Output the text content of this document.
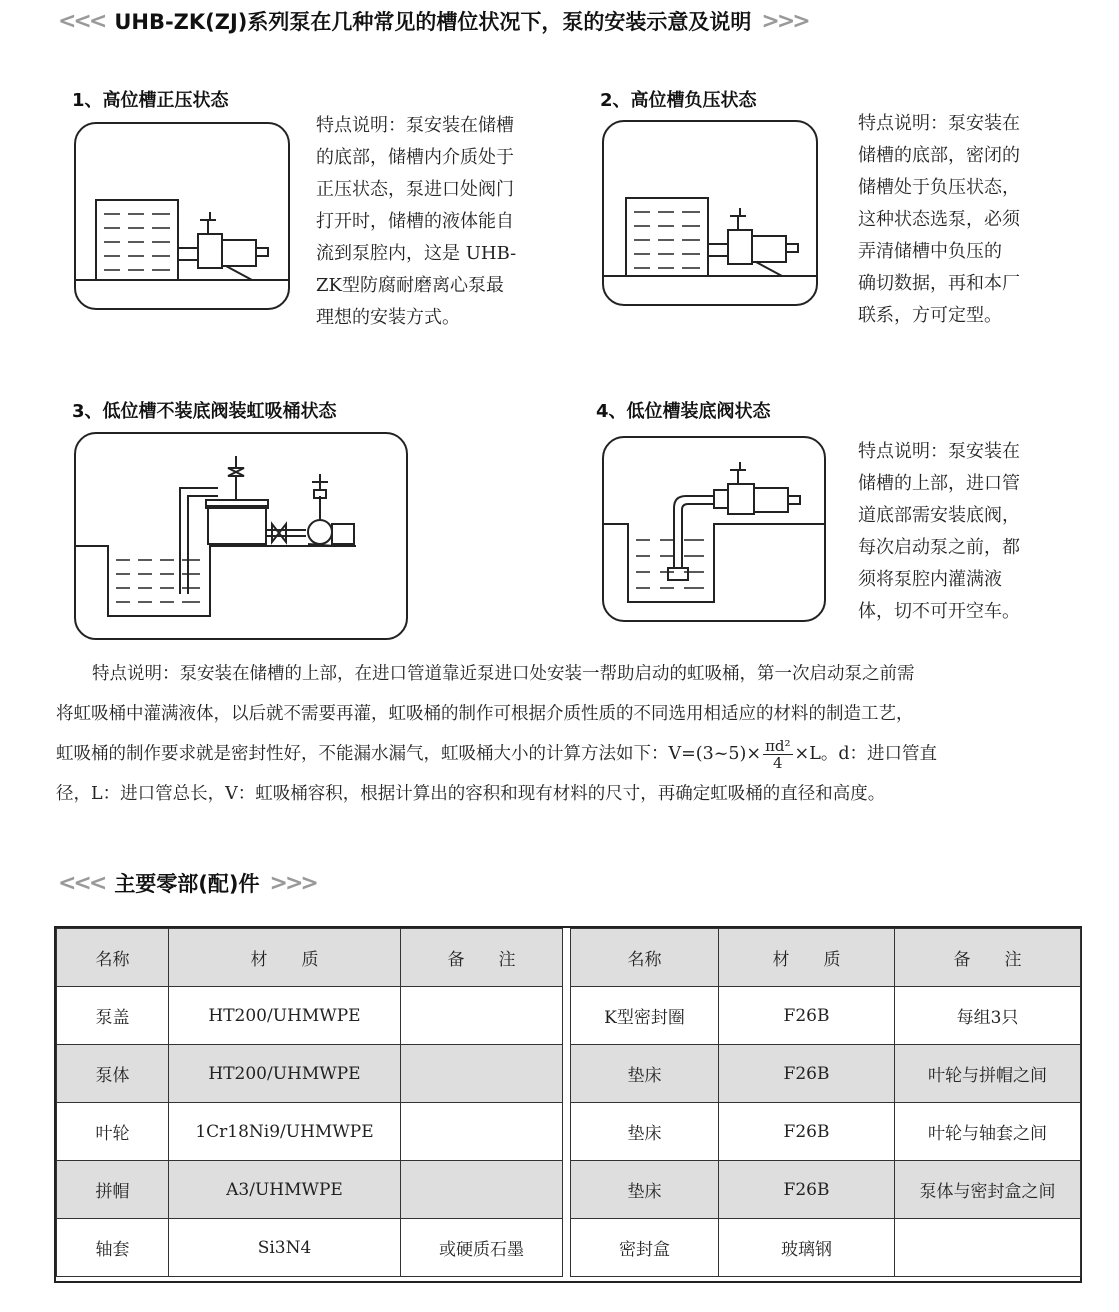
<<< UHB-ZK(ZJ)系列泵在几种常见的槽位状况下，泵的安装示意及说明 >>>
1、高位槽正压状态
特点说明：泵安装在储槽
的底部，储槽内介质处于
正压状态，泵进口处阀门
打开时，储槽的液体能自
流到泵腔内，这是 UHB-
ZK型防腐耐磨离心泵最
理想的安装方式。
2、高位槽负压状态
特点说明：泵安装在
储槽的底部，密闭的
储槽处于负压状态，
这种状态选泵，必须
弄清储槽中负压的
确切数据，再和本厂
联系，方可定型。
3、低位槽不装底阀装虹吸桶状态	4、低位槽装底阀状态
特点说明：泵安装在
储槽的上部，进口管
道底部需安装底阀，
每次启动泵之前，都
须将泵腔内灌满液
体，切不可开空车。
特点说明：泵安装在储槽的上部，在进口管道靠近泵进口处安装一帮助启动的虹吸桶，第一次启动泵之前需
将虹吸桶中灌满液体，以后就不需要再灌，虹吸桶的制作可根据介质性质的不同选用相适应的材料的制造工艺，
虹吸桶的制作要求就是密封性好，不能漏水漏气，虹吸桶大小的计算方法如下：V=(3~5)× $\frac{\text{πd²}}{4} \times L$。d：进口管直
径，L：进口管总长，V：虹吸桶容积，根据计算出的容积和现有材料的尺寸，再确定虹吸桶的直径和高度。
<<< 主要零部(配)件 >>>
名称	材　　质	备　　注		名称	材　　质	备　　注
泵盖	HT200/UHMWPE			K型密封圈	F26B	每组3只
泵体	HT200/UHMWPE			垫床	F26B	叶轮与拼帽之间
叶轮	1Cr18Ni9/UHMWPE			垫床	F26B	叶轮与轴套之间
拼帽	A3/UHMWPE			垫床	F26B	泵体与密封盒之间
轴套	Si3N4	或硬质石墨		密封盒	玻璃钢	
